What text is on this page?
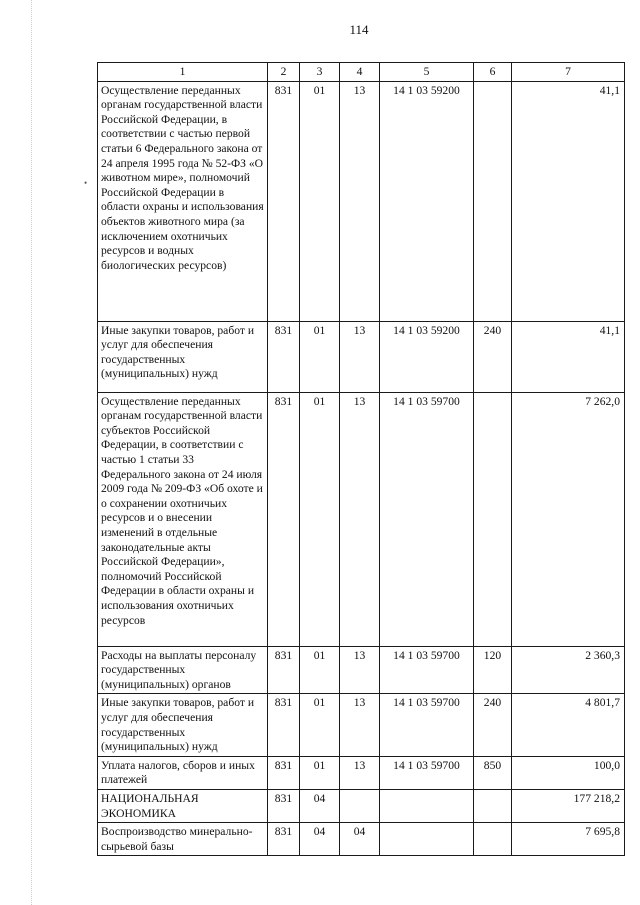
•
114
1	2	3	4	5	6	7
Осуществление переданных органам государственной власти Российской Федерации, в соответствии с частью первой статьи 6 Федерального закона от 24 апреля 1995 года № 52-ФЗ «О животном мире», полномочий Российской Федерации в области охраны и использования объектов животного мира (за исключением охотничьих ресурсов и водных биологических ресурсов)	831	01	13	14 1 03 59200		41,1
Иные закупки товаров, работ и услуг для обеспечения государственных (муниципальных) нужд	831	01	13	14 1 03 59200	240	41,1
Осуществление переданных органам государственной власти субъектов Российской Федерации, в соответствии с частью 1 статьи 33 Федерального закона от 24 июля 2009 года № 209-ФЗ «Об охоте и о сохранении охотничьих ресурсов и о внесении изменений в отдельные законодательные акты Российской Федерации», полномочий Российской Федерации в области охраны и использования охотничьих ресурсов	831	01	13	14 1 03 59700		7 262,0
Расходы на выплаты персоналу государственных (муниципальных) органов	831	01	13	14 1 03 59700	120	2 360,3
Иные закупки товаров, работ и услуг для обеспечения государственных (муниципальных) нужд	831	01	13	14 1 03 59700	240	4 801,7
Уплата налогов, сборов и иных платежей	831	01	13	14 1 03 59700	850	100,0
НАЦИОНАЛЬНАЯ ЭКОНОМИКА	831	04				177 218,2
Воспроизводство минерально-сырьевой базы	831	04	04			7 695,8
